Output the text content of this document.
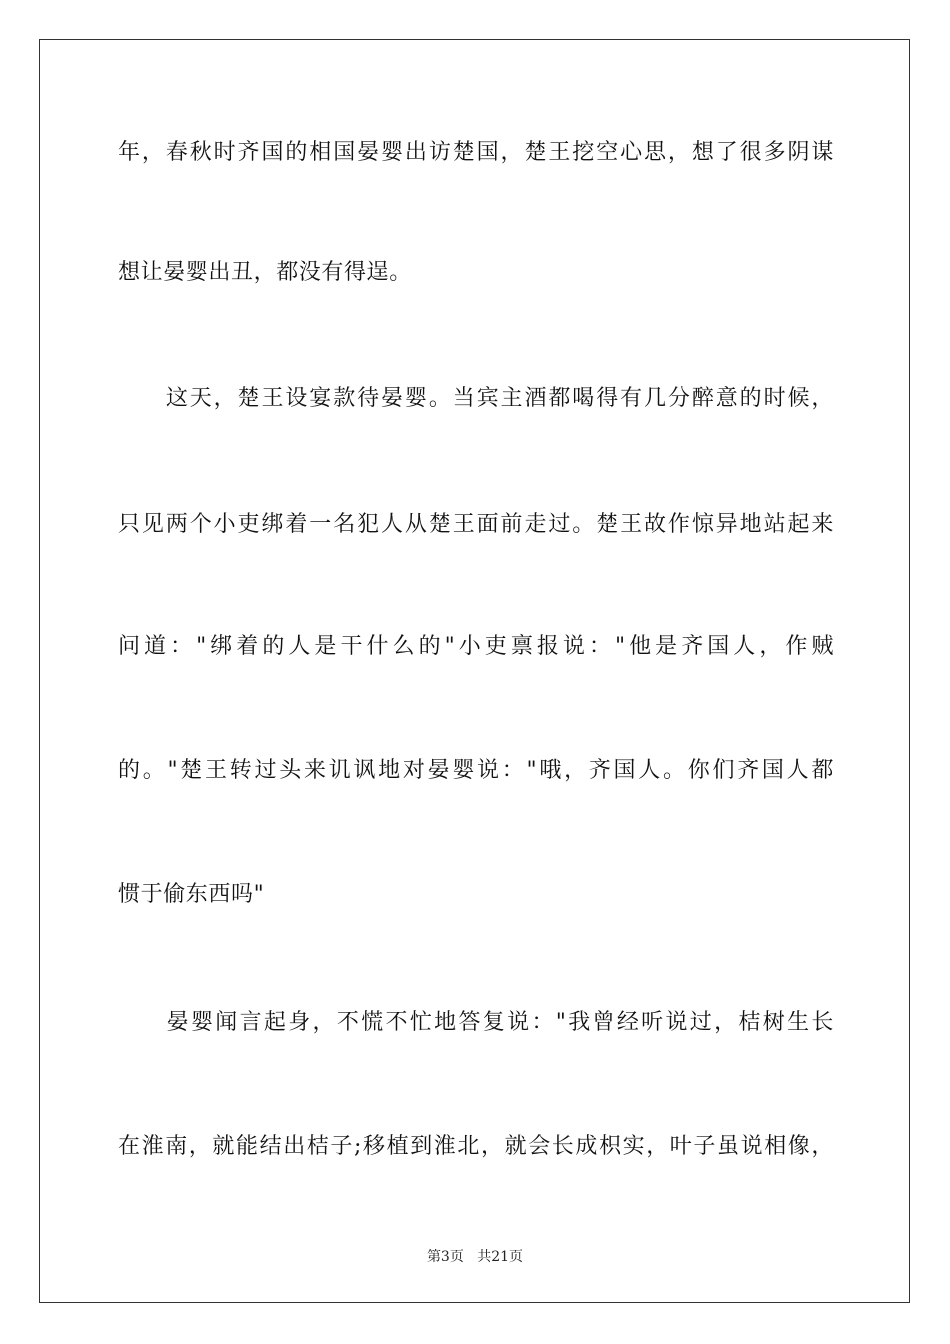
年，春秋时齐国的相国晏婴出访楚国，楚王挖空心思，想了很多阴谋
想让晏婴出丑，都没有得逞。
　　这天，楚王设宴款待晏婴。当宾主酒都喝得有几分醉意的时候，
只见两个小吏绑着一名犯人从楚王面前走过。楚王故作惊异地站起来
问道："绑着的人是干什么的"小吏禀报说："他是齐国人，作贼
的。"楚王转过头来讥讽地对晏婴说："哦，齐国人。你们齐国人都
惯于偷东西吗"
　　晏婴闻言起身，不慌不忙地答复说："我曾经听说过，桔树生长
在淮南，就能结出桔子;移植到淮北，就会长成枳实，叶子虽说相像，
第3页 共21页
